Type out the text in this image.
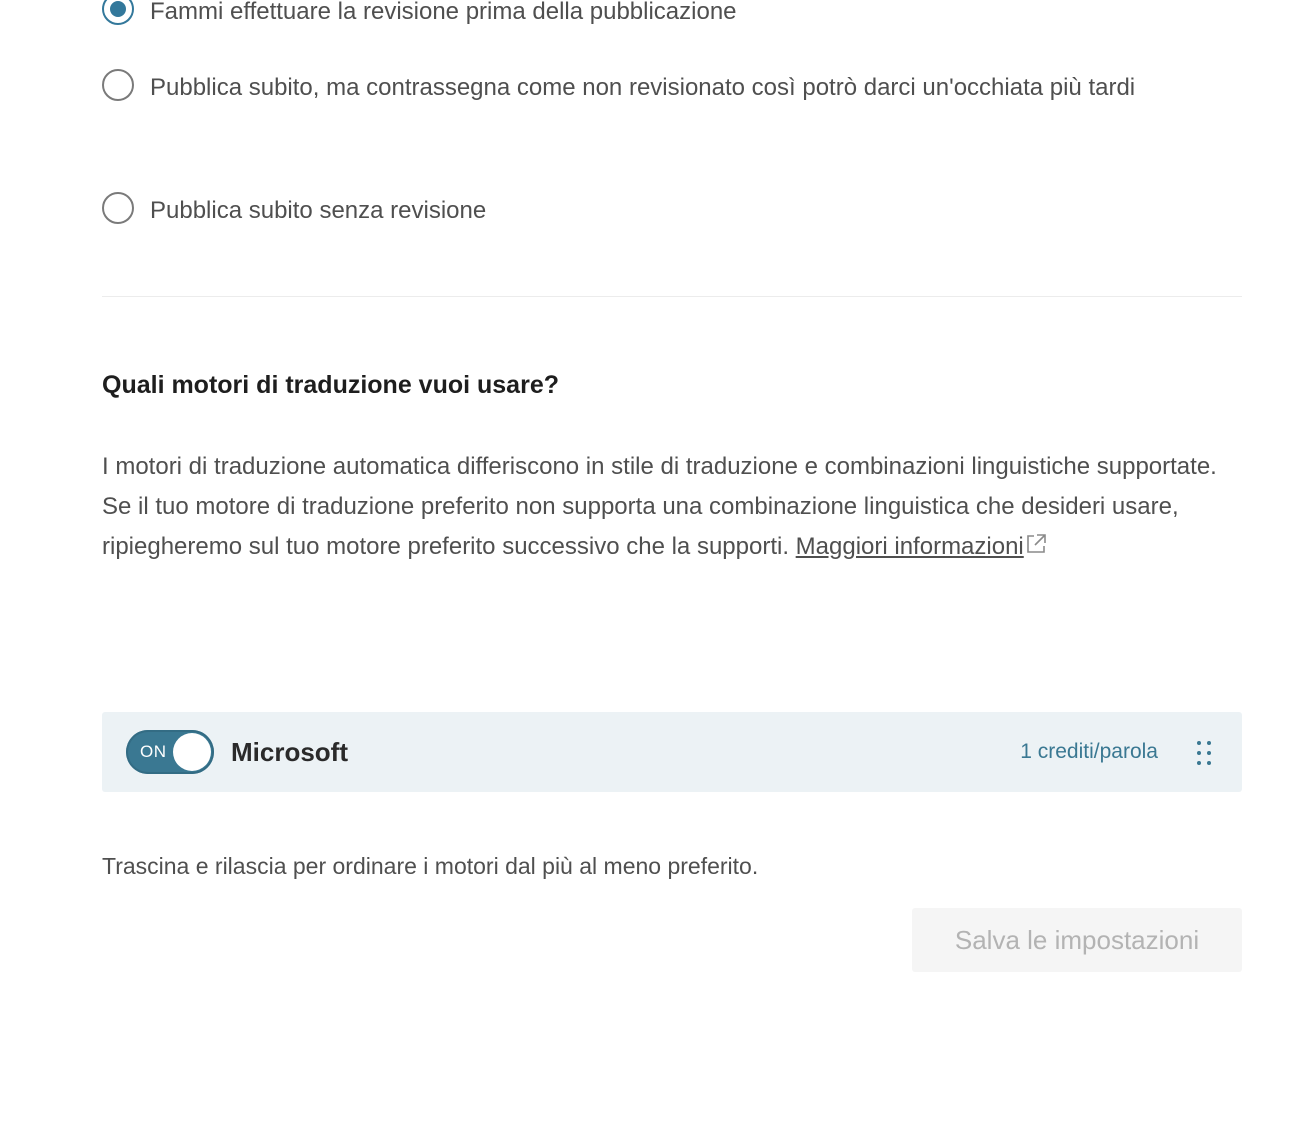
Fammi effettuare la revisione prima della pubblicazione
Pubblica subito, ma contrassegna come non revisionato così potrò darci un'occhiata più tardi
Pubblica subito senza revisione
Quali motori di traduzione vuoi usare?

I motori di traduzione automatica differiscono in stile di traduzione e combinazioni linguistiche supportate. Se il tuo motore di traduzione preferito non supporta una combinazione linguistica che desideri usare, ripiegheremo sul tuo motore preferito successivo che la supporti. Maggiori informazioni

ON Microsoft	1 crediti/parola

Trascina e rilascia per ordinare i motori dal più al meno preferito.

Salva le impostazioni
